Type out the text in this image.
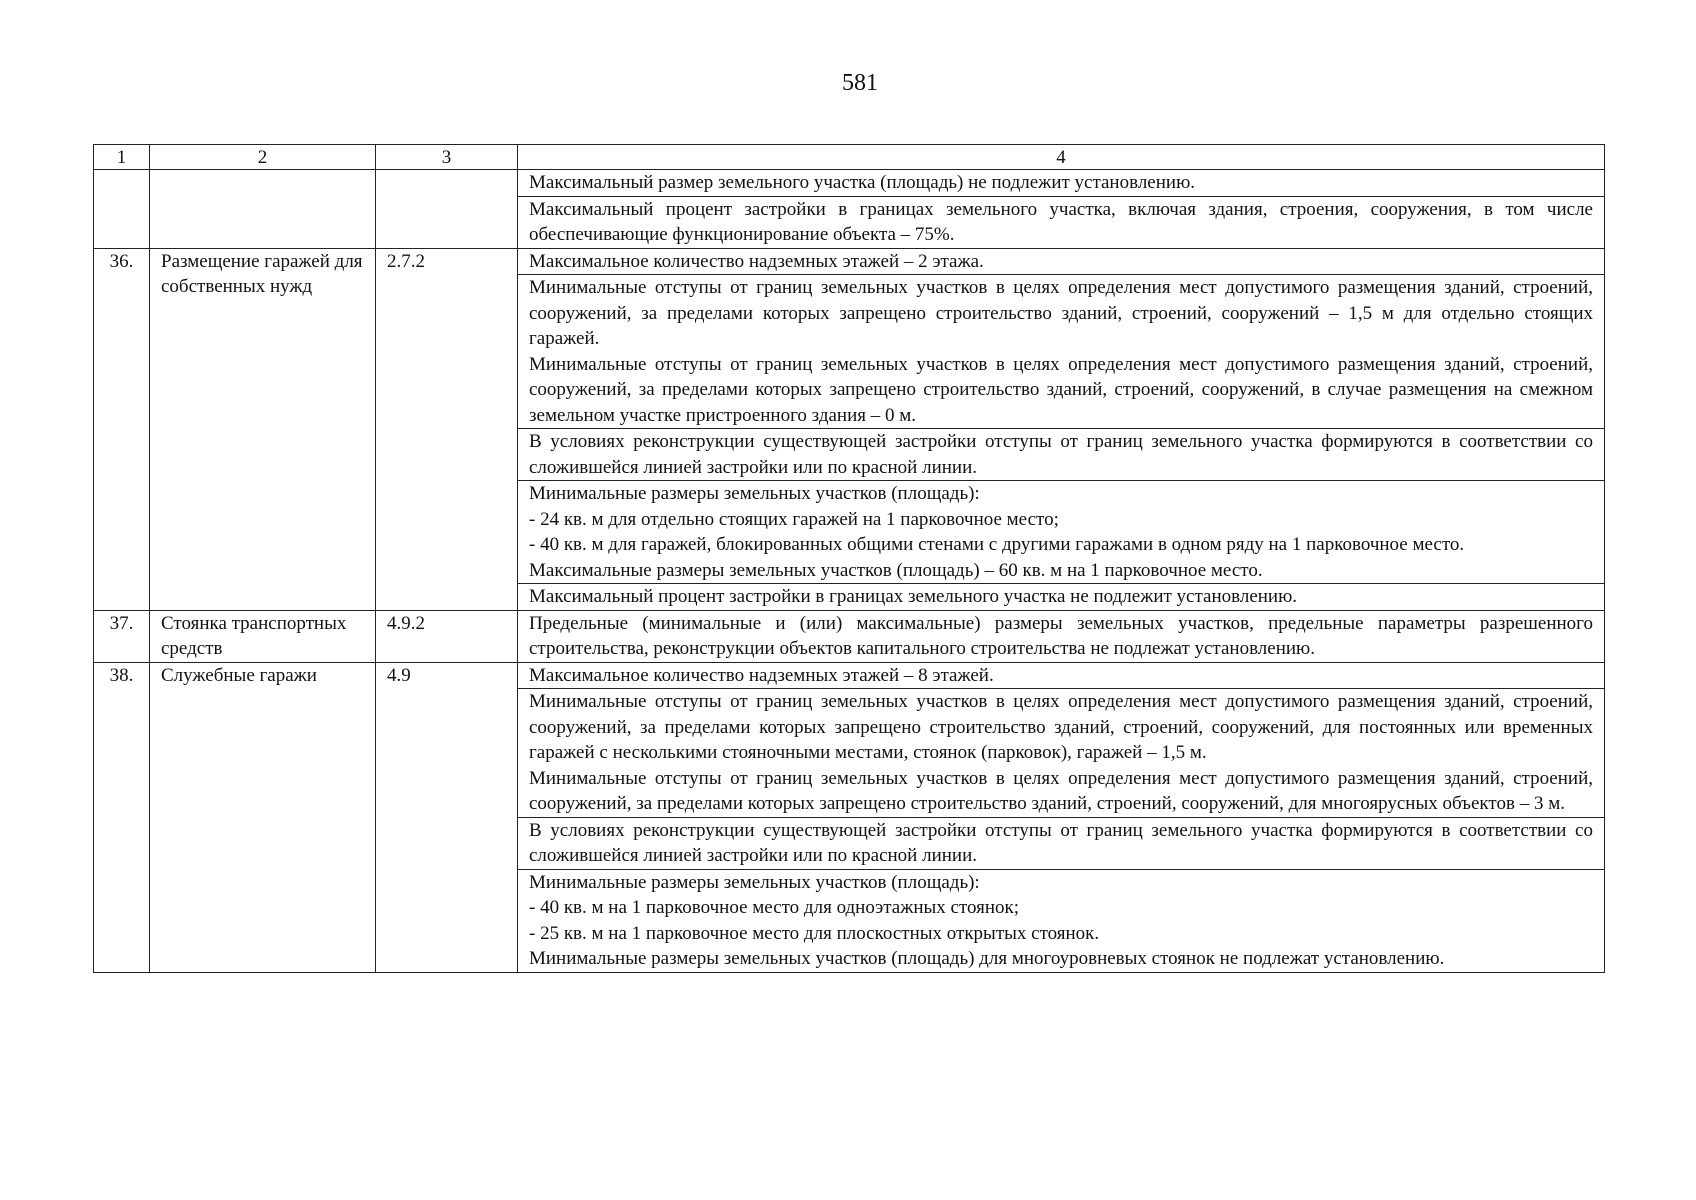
581
1	2	3	4

			Максимальный размер земельного участка (площадь) не подлежит установлению.

			Максимальный процент застройки в границах земельного участка, включая здания, строения, сооружения, в том числе обеспечивающие функционирование объекта – 75%.

36.	Размещение гаражей для собственных нужд	2.7.2	Максимальное количество надземных этажей – 2 этажа.

			Минимальные отступы от границ земельных участков в целях определения мест допустимого размещения зданий, строений, сооружений, за пределами которых запрещено строительство зданий, строений, сооружений – 1,5 м для отдельно стоящих гаражей.
Минимальные отступы от границ земельных участков в целях определения мест допустимого размещения зданий, строений, сооружений, за пределами которых запрещено строительство зданий, строений, сооружений, в случае размещения на смежном земельном участке пристроенного здания – 0 м.

			В условиях реконструкции существующей застройки отступы от границ земельного участка формируются в соответствии со сложившейся линией застройки или по красной линии.

			Минимальные размеры земельных участков (площадь):
- 24 кв. м для отдельно стоящих гаражей на 1 парковочное место;
- 40 кв. м для гаражей, блокированных общими стенами с другими гаражами в одном ряду на 1 парковочное место.
Максимальные размеры земельных участков (площадь) – 60 кв. м на 1 парковочное место.

			Максимальный процент застройки в границах земельного участка не подлежит установлению.

37.	Стоянка транспортных средств	4.9.2	Предельные (минимальные и (или) максимальные) размеры земельных участков, предельные параметры разрешенного строительства, реконструкции объектов капитального строительства не подлежат установлению.

38.	Служебные гаражи	4.9	Максимальное количество надземных этажей – 8 этажей.

			Минимальные отступы от границ земельных участков в целях определения мест допустимого размещения зданий, строений, сооружений, за пределами которых запрещено строительство зданий, строений, сооружений, для постоянных или временных гаражей с несколькими стояночными местами, стоянок (парковок), гаражей – 1,5 м.
Минимальные отступы от границ земельных участков в целях определения мест допустимого размещения зданий, строений, сооружений, за пределами которых запрещено строительство зданий, строений, сооружений, для многоярусных объектов – 3 м.

			В условиях реконструкции существующей застройки отступы от границ земельного участка формируются в соответствии со сложившейся линией застройки или по красной линии.

			Минимальные размеры земельных участков (площадь):
- 40 кв. м на 1 парковочное место для одноэтажных стоянок;
- 25 кв. м на 1 парковочное место для плоскостных открытых стоянок.
Минимальные размеры земельных участков (площадь) для многоуровневых стоянок не подлежат установлению.
